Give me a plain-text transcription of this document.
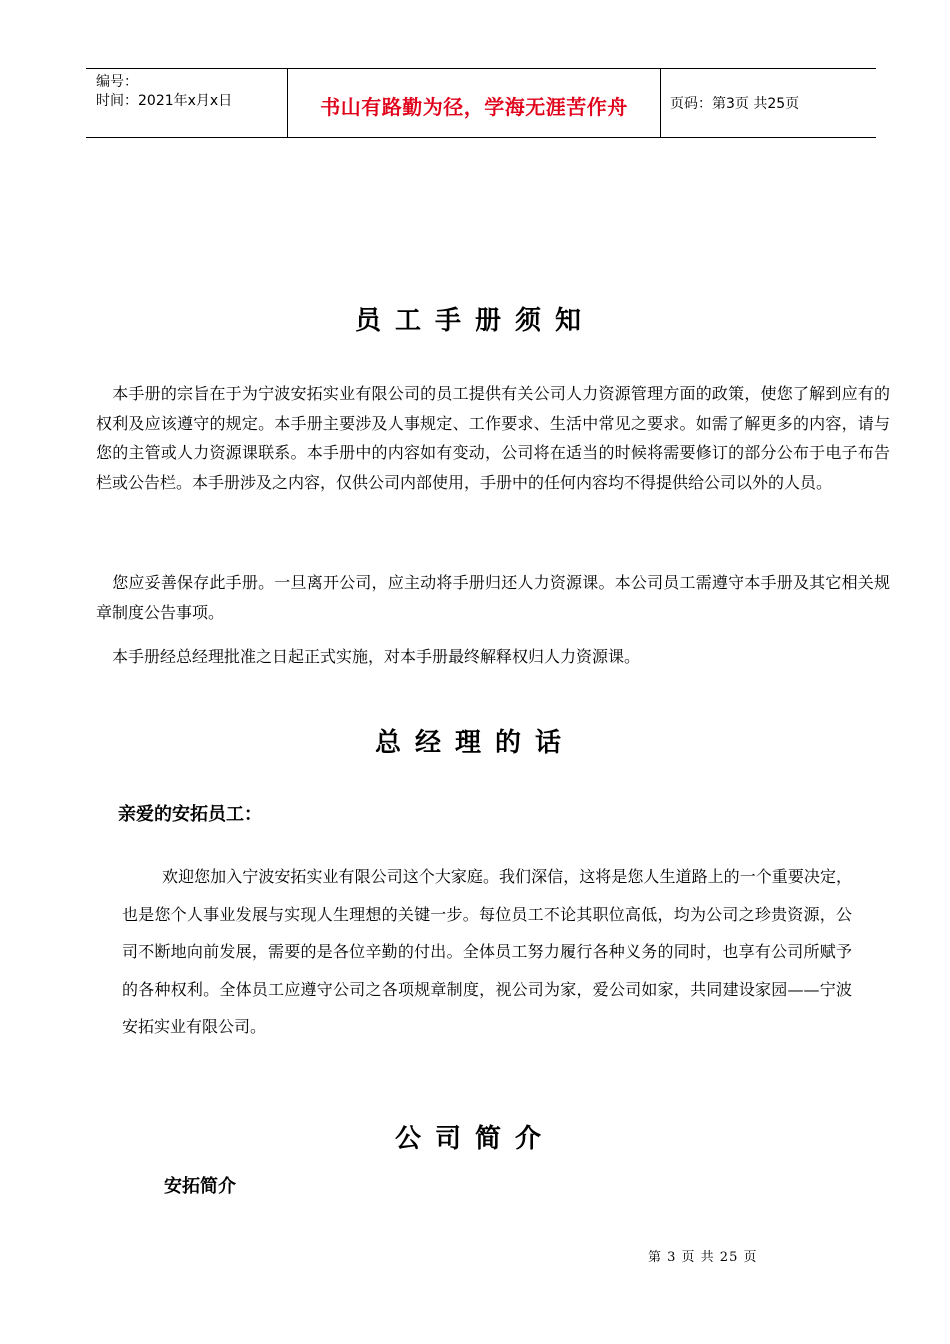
编号：
时间：2021年x月x日	书山有路勤为径，学海无涯苦作舟	页码：第3页 共25页
员工手册须知

本手册的宗旨在于为宁波安拓实业有限公司的员工提供有关公司人力资源管理方面的政策，使您了解到应有的权利及应该遵守的规定。本手册主要涉及人事规定、工作要求、生活中常见之要求。如需了解更多的内容，请与您的主管或人力资源课联系。本手册中的内容如有变动，公司将在适当的时候将需要修订的部分公布于电子布告栏或公告栏。本手册涉及之内容，仅供公司内部使用，手册中的任何内容均不得提供给公司以外的人员。

您应妥善保存此手册。一旦离开公司，应主动将手册归还人力资源课。本公司员工需遵守本手册及其它相关规章制度公告事项。

本手册经总经理批准之日起正式实施，对本手册最终解释权归人力资源课。

总经理的话
亲爱的安拓员工：

欢迎您加入宁波安拓实业有限公司这个大家庭。我们深信，这将是您人生道路上的一个重要决定，也是您个人事业发展与实现人生理想的关键一步。每位员工不论其职位高低，均为公司之珍贵资源，公司不断地向前发展，需要的是各位辛勤的付出。全体员工努力履行各种义务的同时，也享有公司所赋予的各种权利。全体员工应遵守公司之各项规章制度，视公司为家，爱公司如家，共同建设家园——宁波安拓实业有限公司。

公司简介
安拓简介
第 3 页 共 25 页
